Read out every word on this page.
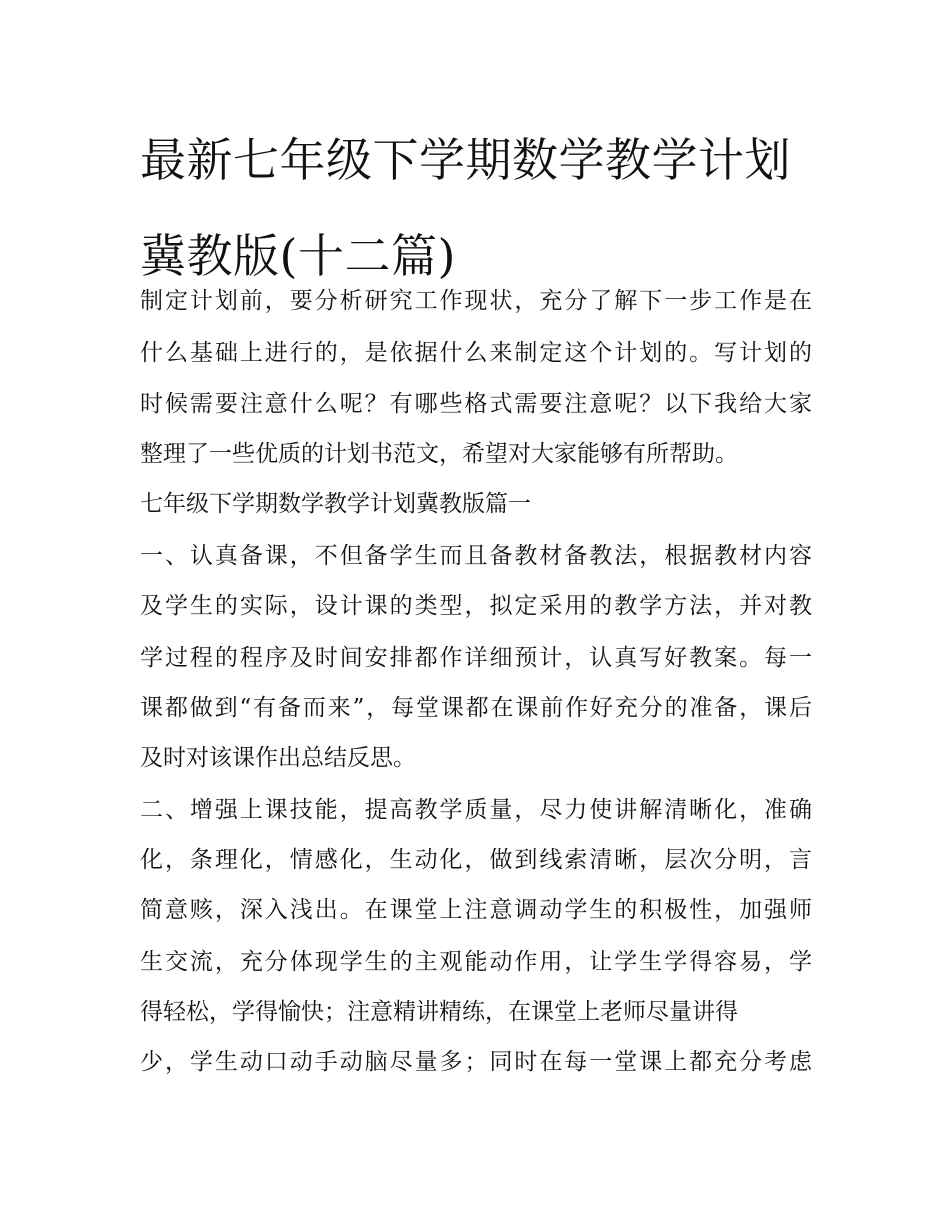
最新七年级下学期数学教学计划冀教版(十二篇)

制定计划前，要分析研究工作现状，充分了解下一步工作是在

什么基础上进行的，是依据什么来制定这个计划的。写计划的

时候需要注意什么呢？有哪些格式需要注意呢？以下我给大家

整理了一些优质的计划书范文，希望对大家能够有所帮助。

七年级下学期数学教学计划冀教版篇一

一、认真备课，不但备学生而且备教材备教法，根据教材内容

及学生的实际，设计课的类型，拟定采用的教学方法，并对教

学过程的程序及时间安排都作详细预计，认真写好教案。每一

课都做到“有备而来”，每堂课都在课前作好充分的准备，课后

及时对该课作出总结反思。

二、增强上课技能，提高教学质量，尽力使讲解清晰化，准确

化，条理化，情感化，生动化，做到线索清晰，层次分明，言

简意赅，深入浅出。在课堂上注意调动学生的积极性，加强师

生交流，充分体现学生的主观能动作用，让学生学得容易，学

得轻松，学得愉快；注意精讲精练，在课堂上老师尽量讲得

少，学生动口动手动脑尽量多；同时在每一堂课上都充分考虑
